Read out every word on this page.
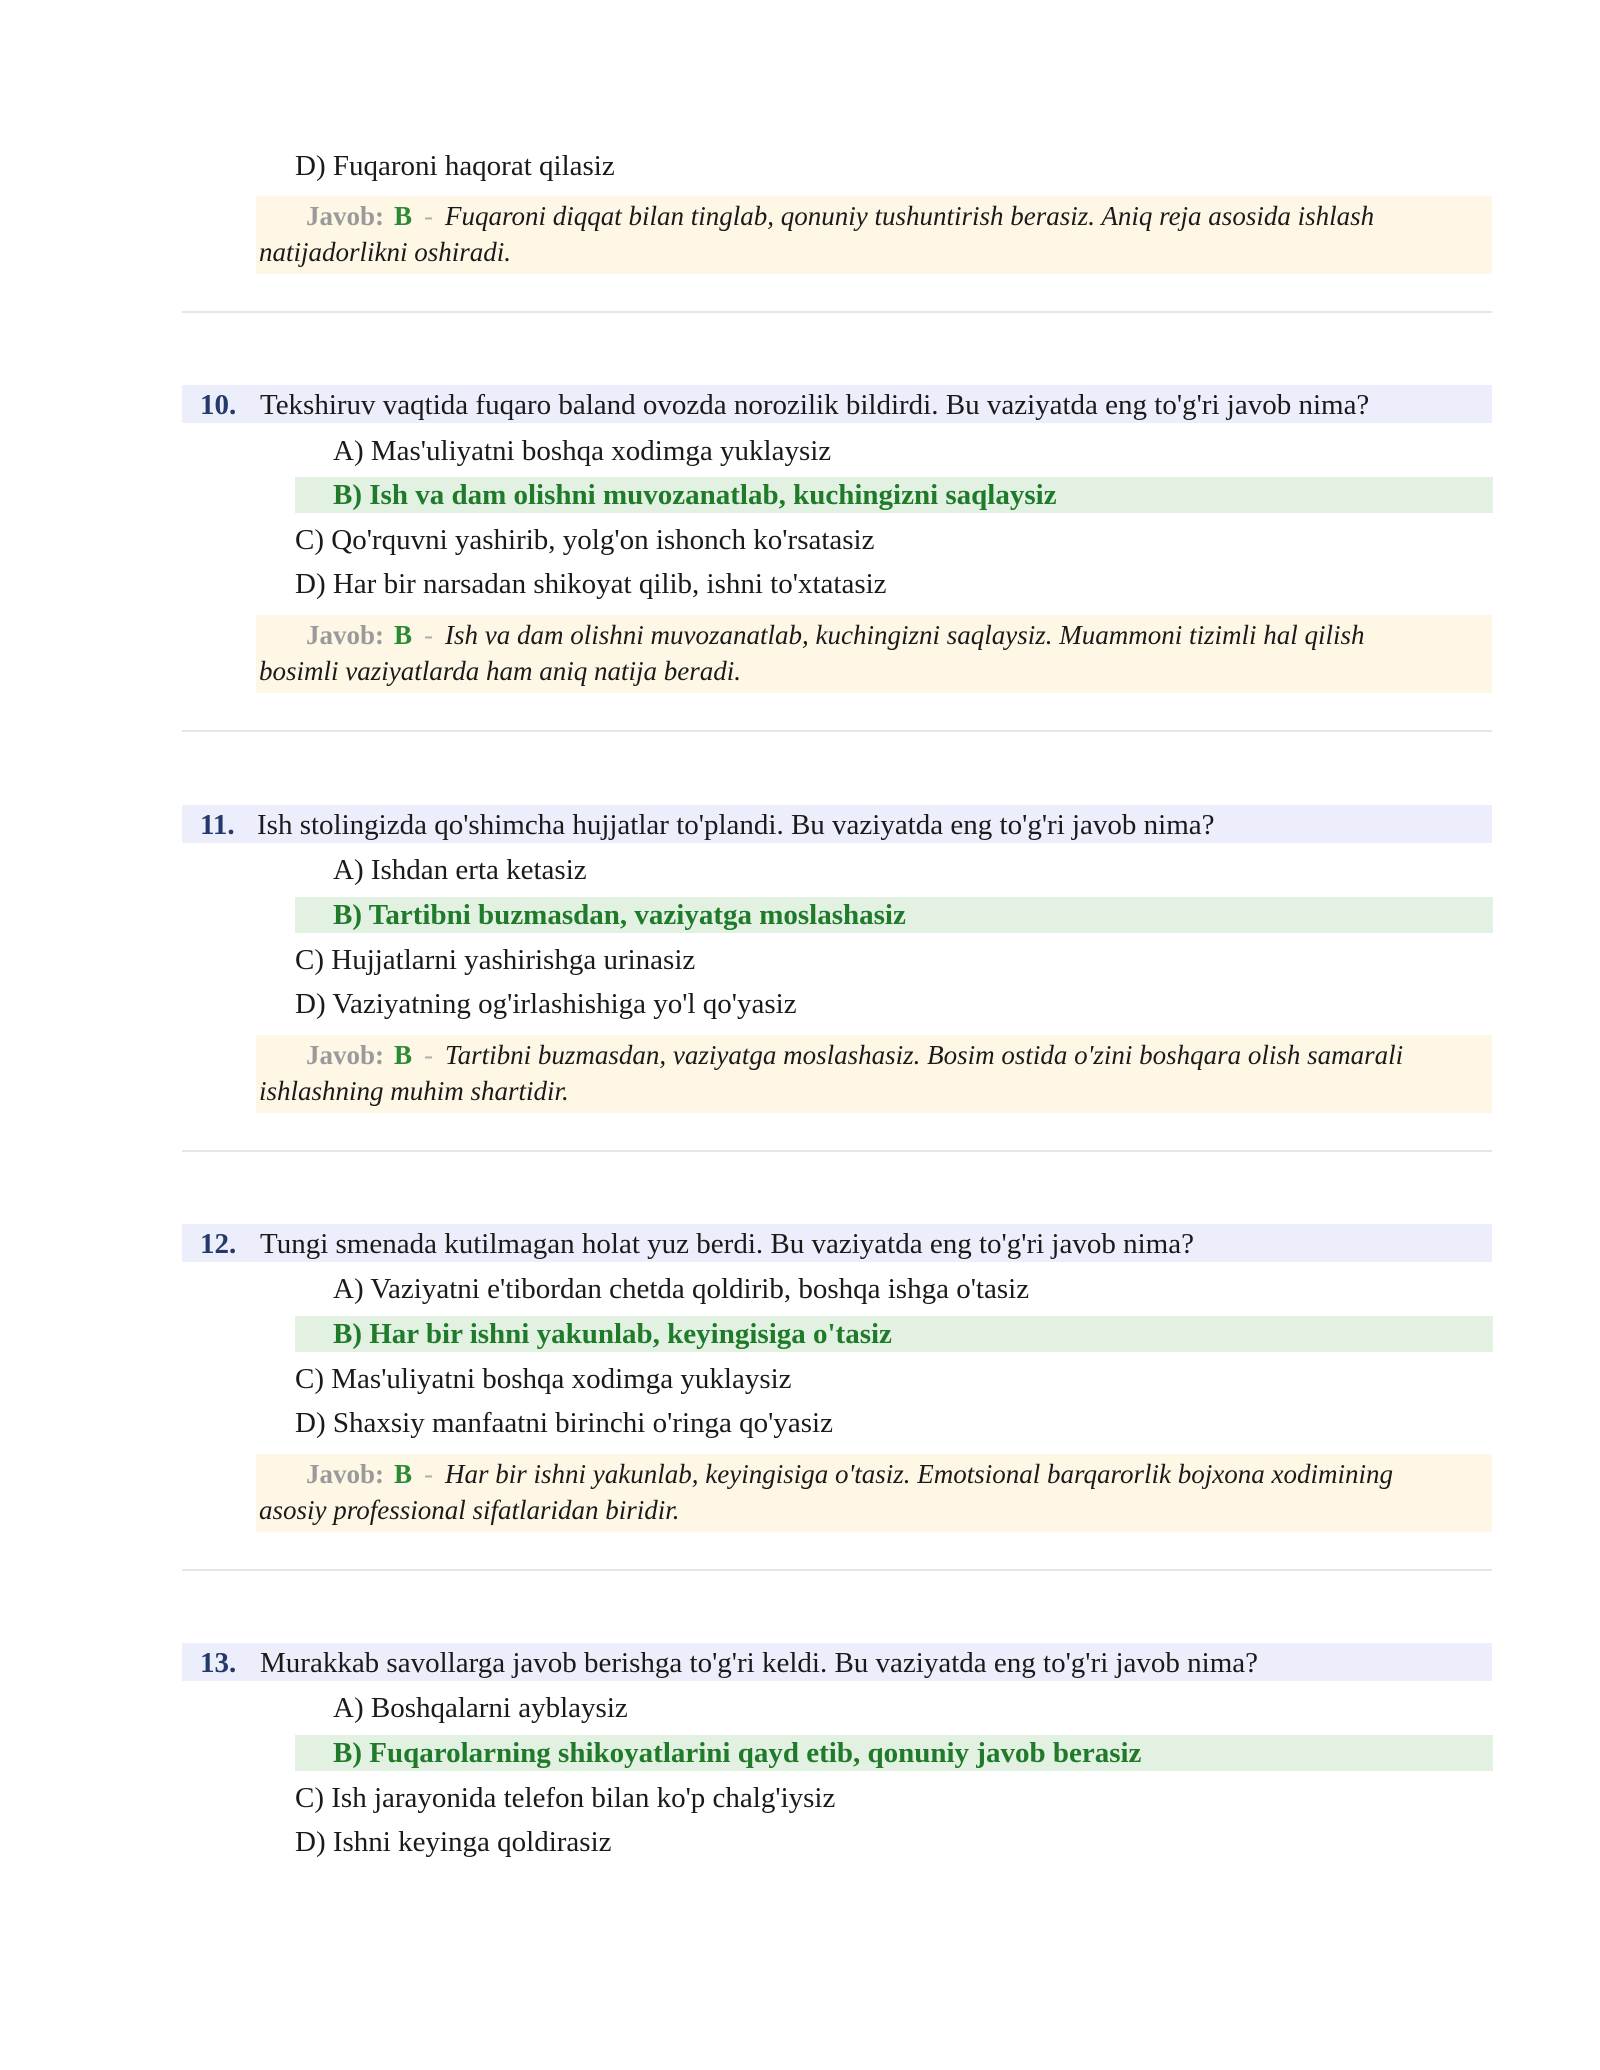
D) Fuqaroni haqorat qilasiz
Javob: B - Fuqaroni diqqat bilan tinglab, qonuniy tushuntirish berasiz. Aniq reja asosida ishlash
natijadorlikni oshiradi.
10. Tekshiruv vaqtida fuqaro baland ovozda norozilik bildirdi. Bu vaziyatda eng to'g'ri javob nima?
A) Mas'uliyatni boshqa xodimga yuklaysiz
B) Ish va dam olishni muvozanatlab, kuchingizni saqlaysiz
C) Qo'rquvni yashirib, yolg'on ishonch ko'rsatasiz
D) Har bir narsadan shikoyat qilib, ishni to'xtatasiz
Javob: B - Ish va dam olishni muvozanatlab, kuchingizni saqlaysiz. Muammoni tizimli hal qilish
bosimli vaziyatlarda ham aniq natija beradi.
11. Ish stolingizda qo'shimcha hujjatlar to'plandi. Bu vaziyatda eng to'g'ri javob nima?
A) Ishdan erta ketasiz
B) Tartibni buzmasdan, vaziyatga moslashasiz
C) Hujjatlarni yashirishga urinasiz
D) Vaziyatning og'irlashishiga yo'l qo'yasiz
Javob: B - Tartibni buzmasdan, vaziyatga moslashasiz. Bosim ostida o'zini boshqara olish samarali
ishlashning muhim shartidir.
12. Tungi smenada kutilmagan holat yuz berdi. Bu vaziyatda eng to'g'ri javob nima?
A) Vaziyatni e'tibordan chetda qoldirib, boshqa ishga o'tasiz
B) Har bir ishni yakunlab, keyingisiga o'tasiz
C) Mas'uliyatni boshqa xodimga yuklaysiz
D) Shaxsiy manfaatni birinchi o'ringa qo'yasiz
Javob: B - Har bir ishni yakunlab, keyingisiga o'tasiz. Emotsional barqarorlik bojxona xodimining
asosiy professional sifatlaridan biridir.
13. Murakkab savollarga javob berishga to'g'ri keldi. Bu vaziyatda eng to'g'ri javob nima?
A) Boshqalarni ayblaysiz
B) Fuqarolarning shikoyatlarini qayd etib, qonuniy javob berasiz
C) Ish jarayonida telefon bilan ko'p chalg'iysiz
D) Ishni keyinga qoldirasiz
